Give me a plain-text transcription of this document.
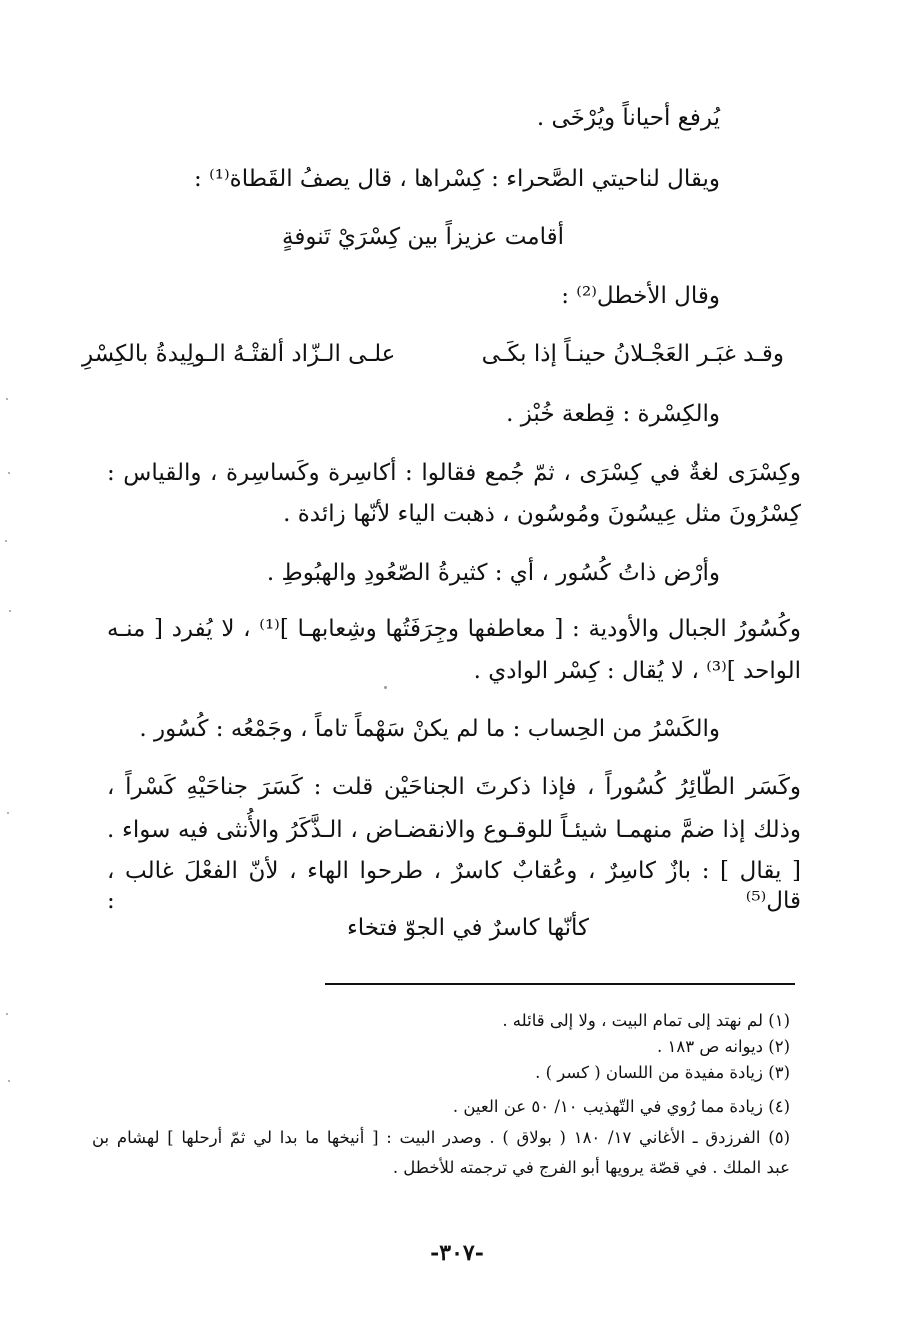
يُرفع أحياناً ويُرْخَى .
ويقال لناحيتي الصَّحراء : كِسْراها ، قال يصفُ القَطاة⁽¹⁾ :
أقامت عزيزاً بين كِسْرَيْ تَنوفةٍ
وقال الأخطل⁽²⁾ :
وقـد غبَـر العَجْـلانُ حينـاً إذا بكَـى
علـى الـزّاد ألقتْـهُ الـولِيدةُ بالكِسْرِ
والكِسْرة : قِطعة خُبْز .
وكِسْرَى لغةٌ في كِسْرَى ، ثمّ جُمع فقالوا : أكاسِرة وكَساسِرة ، والقياس :
كِسْرُونَ مثل عِيسُونَ ومُوسُون ، ذهبت الياء لأنّها زائدة .
وأرْض ذاتُ كُسُور ، أي : كثيرةُ الصّعُودِ والهبُوطِ .
وكُسُورُ الجبال والأودية : [ معاطفها وجِرَفَتُها وشِعابهـا ]⁽¹⁾ ، لا يُفرد [ منـه
الواحد ]⁽³⁾ ، لا يُقال : كِسْر الوادي .
والكَسْرُ من الحِساب : ما لم يكنْ سَهْماً تاماً ، وجَمْعُه : كُسُور .
وكَسَر الطّائِرُ كُسُوراً ، فإذا ذكرتَ الجناحَيْن قلت : كَسَرَ جناحَيْهِ كَسْراً ،
وذلك إذا ضمَّ منهمـا شيئـاً للوقـوع والانقضـاض ، الـذَّكَرُ والأُنثى فيه سواء .
[ يقال ] : بازٌ كاسِرٌ ، وعُقابٌ كاسرٌ ، طرحوا الهاء ، لأنّ الفعْلَ غالب ، قال⁽⁵⁾ :
كأنّها كاسرٌ في الجوّ فتخاء
(١) لم نهتد إلى تمام البيت ، ولا إلى قائله .
(٢) ديوانه ص ١٨٣ .
(٣) زيادة مفيدة من اللسان ( كسر ) .
(٤) زيادة مما رُوي في التّهذيب ١٠/ ٥٠ عن العين .
(٥) الفرزدق ـ الأغاني ١٧/ ١٨٠ ( بولاق ) . وصدر البيت : [ أنيخها ما بدا لي ثمّ أرحلها ] لهشام بن
عبد الملك . في قصّة يرويها أبو الفرج في ترجمته للأخطل .
-٣٠٧-
